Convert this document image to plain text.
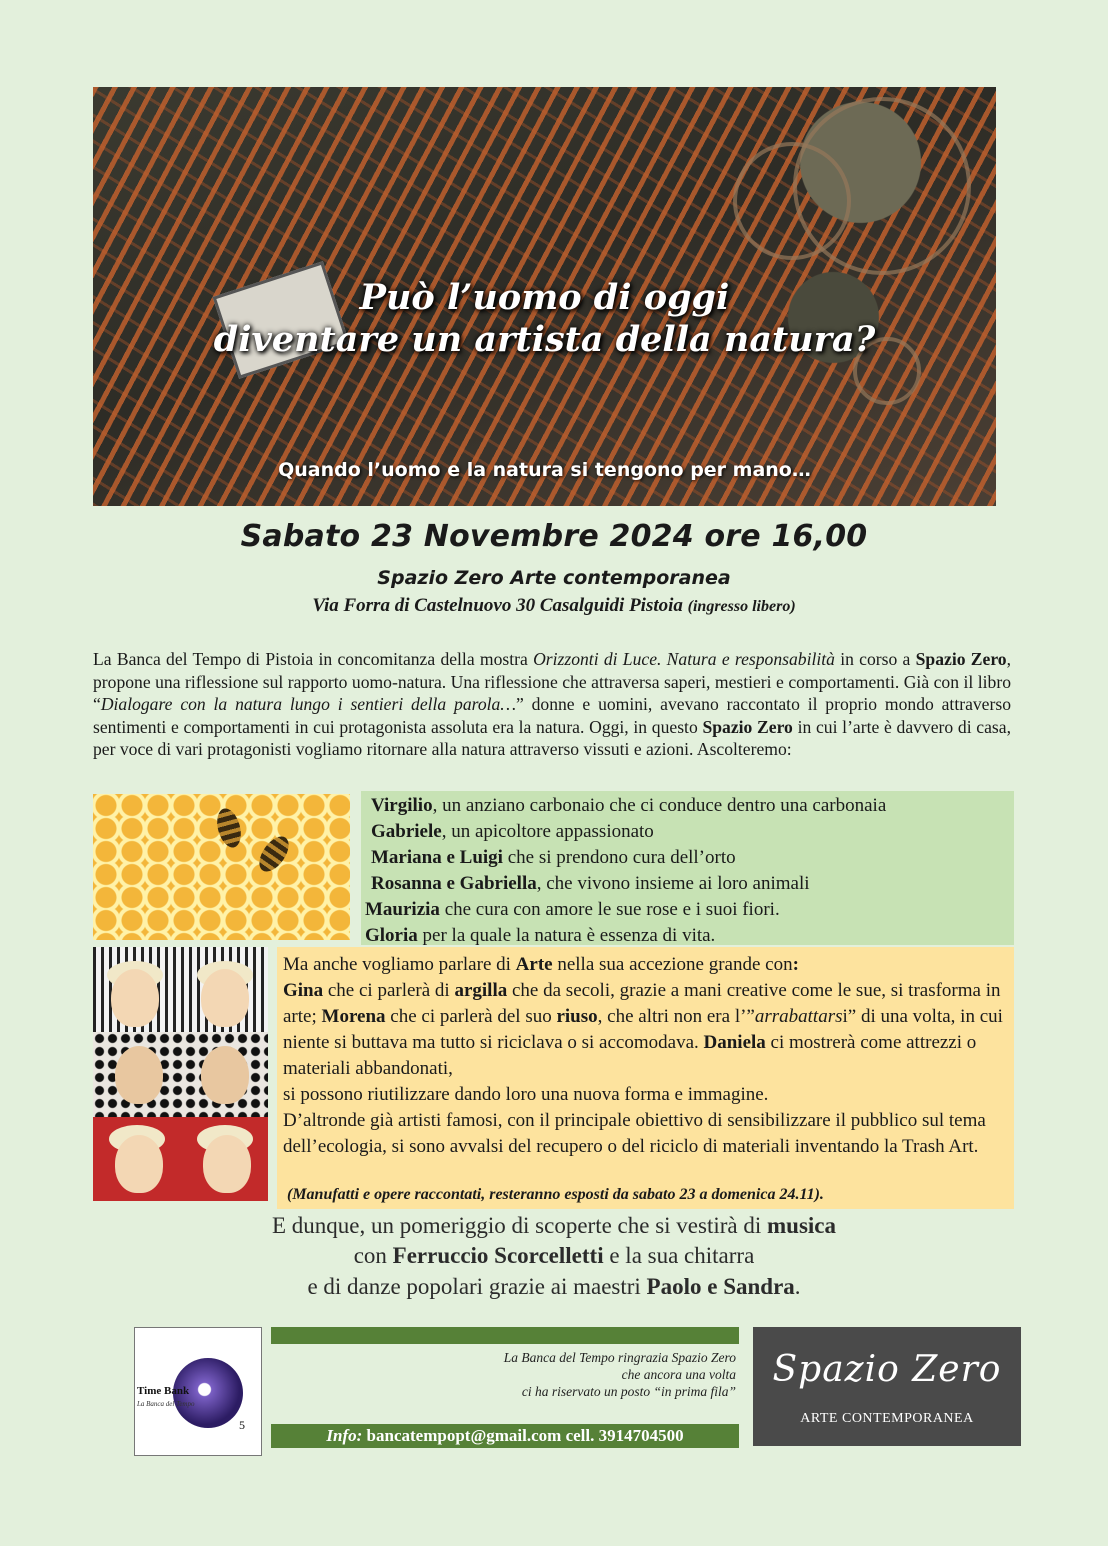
Può l’uomo di oggi
diventare un artista della natura?
Quando l’uomo e la natura si tengono per mano…
Sabato 23 Novembre 2024 ore 16,00
Spazio Zero Arte contemporanea
Via Forra di Castelnuovo 30 Casalguidi Pistoia (ingresso libero)
La Banca del Tempo di Pistoia in concomitanza della mostra Orizzonti di Luce. Natura e responsabilità in corso a Spazio Zero, propone una riflessione sul rapporto uomo-natura. Una riflessione che attraversa saperi, mestieri e comportamenti. Già con il libro “Dialogare con la natura lungo i sentieri della parola…” donne e uomini, avevano raccontato il proprio mondo attraverso sentimenti e comportamenti in cui protagonista assoluta era la natura. Oggi, in questo Spazio Zero in cui l’arte è davvero di casa, per voce di vari protagonisti vogliamo ritornare alla natura attraverso vissuti e azioni. Ascolteremo:
Virgilio, un anziano carbonaio che ci conduce dentro una carbonaia
Gabriele, un apicoltore appassionato
Mariana e Luigi che si prendono cura dell’orto
Rosanna e Gabriella, che vivono insieme ai loro animali
Maurizia che cura con amore le sue rose e i suoi fiori.
Gloria per la quale la natura è essenza di vita.
Ma anche vogliamo parlare di Arte nella sua accezione grande con:
Gina che ci parlerà di argilla che da secoli, grazie a mani creative come le sue, si trasforma in arte; Morena che ci parlerà del suo riuso, che altri non era l’”arrabattarsi” di una volta, in cui niente si buttava ma tutto si riciclava o si accomodava. Daniela ci mostrerà come attrezzi o materiali abbandonati,
si possono riutilizzare dando loro una nuova forma e immagine.
D’altronde già artisti famosi, con il principale obiettivo di sensibilizzare il pubblico sul tema dell’ecologia, si sono avvalsi del recupero o del riciclo di materiali inventando la Trash Art.
(Manufatti e opere raccontati, resteranno esposti da sabato 23 a domenica 24.11).
E dunque, un pomeriggio di scoperte che si vestirà di musica
con Ferruccio Scorcelletti e la sua chitarra
e di danze popolari grazie ai maestri Paolo e Sandra.
Time Bank
La Banca del Tempo
5
La Banca del Tempo ringrazia Spazio Zero
che ancora una volta
ci ha riservato un posto “in prima fila”
Info: bancatempopt@gmail.com cell. 3914704500
Spazio Zero
ARTE CONTEMPORANEA
